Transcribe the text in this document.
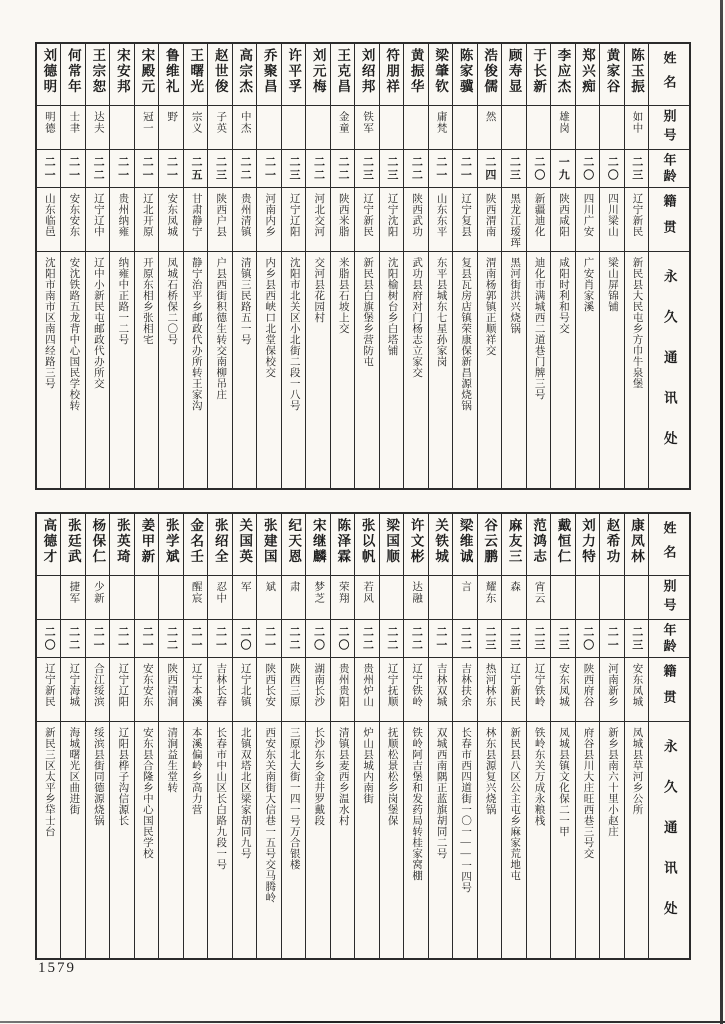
姓名
别号
年龄
籍贯
永久通讯处
陈玉振
如中
二三
辽宁新民
新民县大民屯乡方巾牛泉堡
黄家谷
二〇
四川梁山
梁山屏锦铺
郑兴痴
二〇
四川广安
广安肖家溪
李应杰
雄岗
一九
陕西咸阳
咸阳时利和号交
于长新
二〇
新疆迪化
迪化市满城西二道巷门牌三号
顾寿显
二三
黑龙江瑷珲
黑河街洪兴烧锅
浩俊儒
然
二四
陕西渭南
渭南杨郭镇正顺祥交
陈家骥
二一
辽宁复县
复县瓦房店镇荣康保新昌源烧锅
梁肇钦
庸梵
二一
山东东平
东平县城东七星孙家岗
黄振华
二二
陕西武功
武功县府对门杨志立家交
符朋祥
二三
辽宁沈阳
沈阳榆树台乡白塔铺
刘绍邦
铁军
二三
辽宁新民
新民县白旗堡乡营防屯
王克昌
金童
二二
陕西米脂
米脂县石坡上交
刘元梅
二二
河北交河
交河县花园村
许平孚
二三
辽宁辽阳
沈阳市北关区小北街二段一八号
乔聚昌
二一
河南内乡
内乡县西峡口北堂保校交
高宗杰
中杰
二二
贵州清镇
清镇三民路五一号
赵世俊
子英
二三
陕西户县
户县西街积德生转交南柳吊庄
王曙光
宗义
二五
甘肃静宁
静宁治平乡邮政代办所转王家沟
鲁维礼
野
二一
安东凤城
凤城石桥保二〇号
宋殿元
冠一
二一
辽北开原
开原东相乡张相宅
宋安邦
二一
贵州纳雍
纳雍中正路一二号
王宗恕
达夫
二二
辽宁辽中
辽中小新民屯邮政代办所交
何常年
士聿
二一
安东安东
安沈铁路五龙背中心国民学校转
刘德明
明德
二一
山东临邑
沈阳市南市区南四经路三号
姓名
别号
年龄
籍贯
永久通讯处
康凤林
二三
安东凤城
凤城县草河乡公所
赵希功
二一
河南新乡
新乡县南六十里小赵庄
刘力特
二〇
陕西府谷
府谷县川大庄旺西巷三号交
戴恒仁
二三
安东凤城
凤城县镇文化保二一甲
范鸿志
宵云
二三
辽宁铁岭
铁岭东关万成永粮栈
麻友三
森
二三
辽宁新民
新民县八区公主屯乡麻家荒地屯
谷云鹏
耀东
二三
热河林东
林东县源复兴烧锅
梁维诚
言
二二
吉林扶余
长春市西四道街一〇一——一四号
关铁城
二一
吉林双城
双城西南隅正蓝旗胡同二号
许文彬
达融
二二
辽宁铁岭
铁岭阿吉堡和发药局转桂家窝棚
梁国顺
二二
辽宁抚顺
抚顺松景松乡岗堡保
张以帆
若风
二二
贵州炉山
炉山县城内南街
陈泽霖
荣翔
二〇
贵州贵阳
清镇县麦西乡温水村
宋继麟
梦芝
二〇
湖南长沙
长沙东乡金井罗戴段
纪天恩
肃
二二
陕西三原
三原北大街一四一号万合银楼
张建国
斌
二一
陕西长安
西安东关南街大信巷一五号交马腾岭
关国英
军
二〇
辽宁北镇
北镇双塔北区梁家胡同九号
张绍全
忍中
二一
吉林长春
长春市中山区长白路九段一号
金名壬
醒宸
二一
辽宁本溪
本溪偏岭乡高力营
张学斌
二二
陕西清涧
清涧益生堂转
姜甲新
二一
安东安东
安东县合隆乡中心国民学校
张英琦
二一
辽宁辽阳
辽阳县桦子沟信源长
杨保仁
少新
二一
合江绥滨
绥滨县街同德源烧锅
张廷武
捷军
二二
辽宁海城
海城曙光区曲进街
高德才
二〇
辽宁新民
新民三区太平乡牮士台
1579
